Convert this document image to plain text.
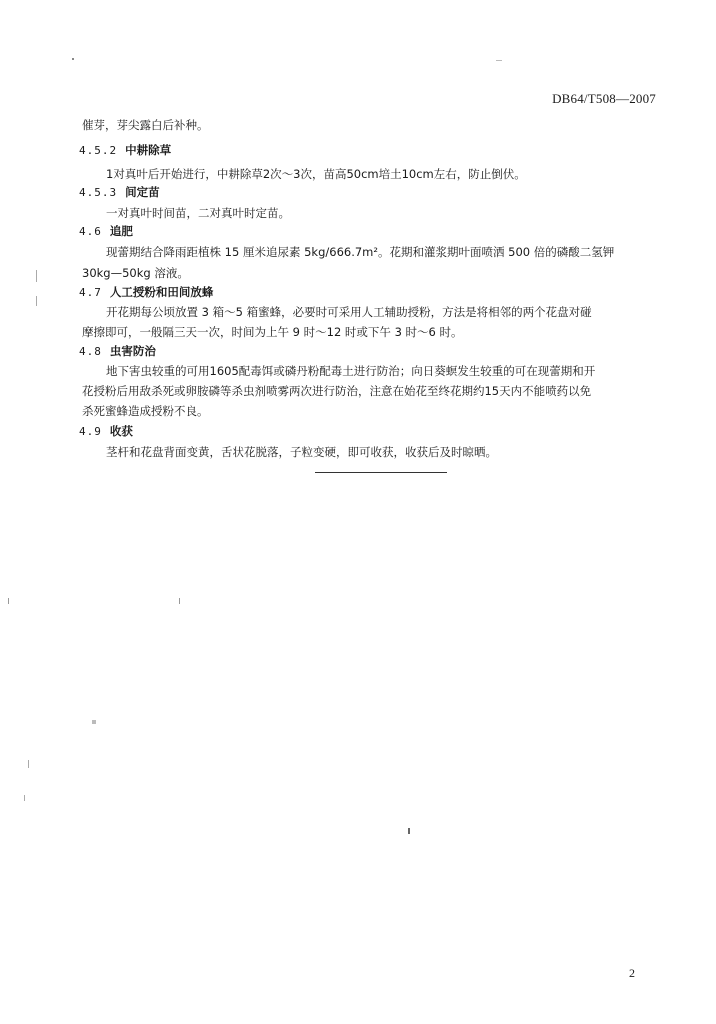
DB64/T508—2007
催芽，芽尖露白后补种。
4.5.2 中耕除草
1对真叶后开始进行，中耕除草2次～3次，苗高50cm培土10cm左右，防止倒伏。
4.5.3 间定苗
一对真叶时间苗，二对真叶时定苗。
4.6 追肥
现蕾期结合降雨距植株 15 厘米追尿素 5kg/666.7m²。花期和灌浆期叶面喷洒 500 倍的磷酸二氢钾
30kg—50kg 溶液。
4.7 人工授粉和田间放蜂
开花期每公顷放置 3 箱～5 箱蜜蜂，必要时可采用人工辅助授粉，方法是将相邻的两个花盘对碰
摩擦即可，一般隔三天一次，时间为上午 9 时～12 时或下午 3 时～6 时。
4.8 虫害防治
地下害虫较重的可用1605配毒饵或磷丹粉配毒土进行防治；向日葵螟发生较重的可在现蕾期和开
花授粉后用敌杀死或卵胺磷等杀虫剂喷雾两次进行防治，注意在始花至终花期约15天内不能喷药以免
杀死蜜蜂造成授粉不良。
4.9 收获
茎杆和花盘背面变黄，舌状花脱落，子粒变硬，即可收获，收获后及时晾晒。
2
